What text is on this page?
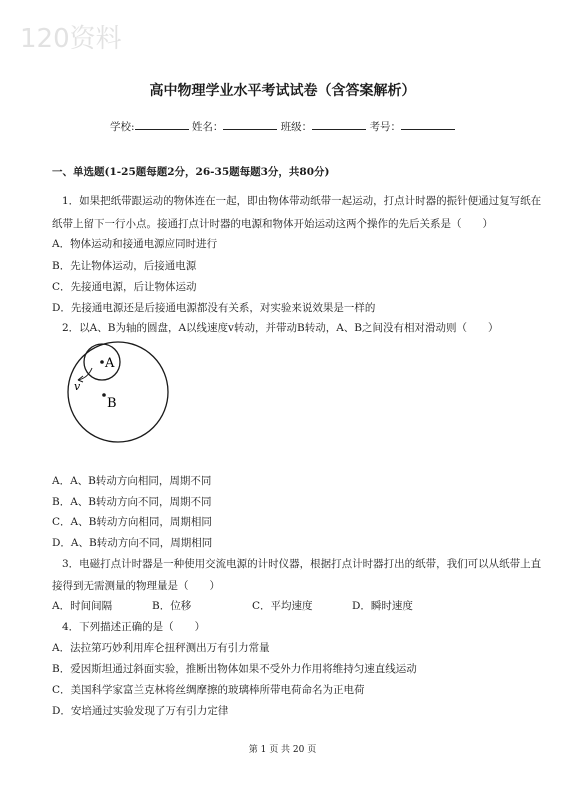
120资料
高中物理学业水平考试试卷（含答案解析）
学校:	姓名：	班级：	考号：
一、单选题(1-25题每题2分，26-35题每题3分，共80分)
1．如果把纸带跟运动的物体连在一起，即由物体带动纸带一起运动，打点计时器的振针便通过复写纸在
纸带上留下一行小点。接通打点计时器的电源和物体开始运动这两个操作的先后关系是（　　）
A．物体运动和接通电源应同时进行
B．先让物体运动，后接通电源
C．先接通电源，后让物体运动
D．先接通电源还是后接通电源都没有关系，对实验来说效果是一样的
2．以A、B为轴的圆盘，A以线速度v转动，并带动B转动，A、B之间没有相对滑动则（　　）
A
B
v
A．A、B转动方向相同，周期不同
B．A、B转动方向不同，周期不同
C．A、B转动方向相同，周期相同
D．A、B转动方向不同，周期相同
3．电磁打点计时器是一种使用交流电源的计时仪器，根据打点计时器打出的纸带，我们可以从纸带上直
接得到无需测量的物理量是（　　）
A．时间间隔	B．位移	C．平均速度	D．瞬时速度
4．下列描述正确的是（　　）
A．法拉第巧妙利用库仑扭秤测出万有引力常量
B．爱因斯坦通过斜面实验，推断出物体如果不受外力作用将维持匀速直线运动
C．美国科学家富兰克林将丝绸摩擦的玻璃棒所带电荷命名为正电荷
D．安培通过实验发现了万有引力定律
第 1 页 共 20 页
